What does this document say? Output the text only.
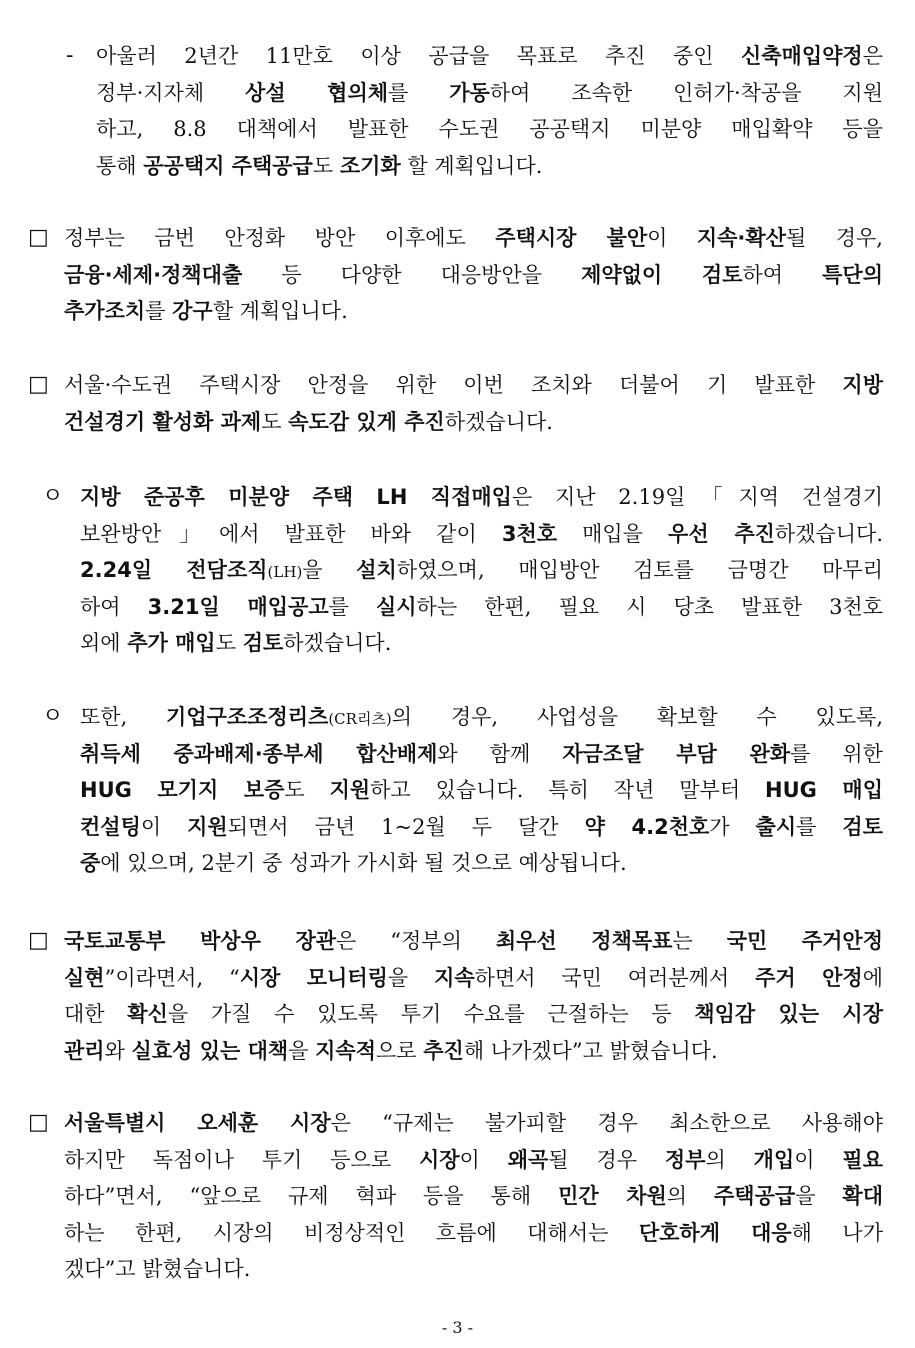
- 아울러 2년간 11만호 이상 공급을 목표로 추진 중인 신축매입약정은
정부·지자체 상설 협의체를 가동하여 조속한 인허가·착공을 지원
하고, 8.8 대책에서 발표한 수도권 공공택지 미분양 매입확약 등을
통해 공공택지 주택공급도 조기화 할 계획입니다.
□ 정부는 금번 안정화 방안 이후에도 주택시장 불안이 지속·확산될 경우,
금융·세제·정책대출 등 다양한 대응방안을 제약없이 검토하여 특단의
추가조치를 강구할 계획입니다.
□ 서울·수도권 주택시장 안정을 위한 이번 조치와 더불어 기 발표한 지방
건설경기 활성화 과제도 속도감 있게 추진하겠습니다.
ㅇ 지방 준공후 미분양 주택 LH 직접매입은 지난 2.19일「지역 건설경기
보완방안」에서 발표한 바와 같이 3천호 매입을 우선 추진하겠습니다.
2.24일 전담조직(LH)을 설치하였으며, 매입방안 검토를 금명간 마무리
하여 3.21일 매입공고를 실시하는 한편, 필요 시 당초 발표한 3천호
외에 추가 매입도 검토하겠습니다.
ㅇ 또한, 기업구조조정리츠(CR리츠)의 경우, 사업성을 확보할 수 있도록,
취득세 중과배제·종부세 합산배제와 함께 자금조달 부담 완화를 위한
HUG 모기지 보증도 지원하고 있습니다. 특히 작년 말부터 HUG 매입
컨설팅이 지원되면서 금년 1~2월 두 달간 약 4.2천호가 출시를 검토
중에 있으며, 2분기 중 성과가 가시화 될 것으로 예상됩니다.
□ 국토교통부 박상우 장관은 “정부의 최우선 정책목표는 국민 주거안정
실현”이라면서, “시장 모니터링을 지속하면서 국민 여러분께서 주거 안정에
대한 확신을 가질 수 있도록 투기 수요를 근절하는 등 책임감 있는 시장
관리와 실효성 있는 대책을 지속적으로 추진해 나가겠다”고 밝혔습니다.
□ 서울특별시 오세훈 시장은 “규제는 불가피할 경우 최소한으로 사용해야
하지만 독점이나 투기 등으로 시장이 왜곡될 경우 정부의 개입이 필요
하다”면서, “앞으로 규제 혁파 등을 통해 민간 차원의 주택공급을 확대
하는 한편, 시장의 비정상적인 흐름에 대해서는 단호하게 대응해 나가
겠다”고 밝혔습니다.
- 3 -
